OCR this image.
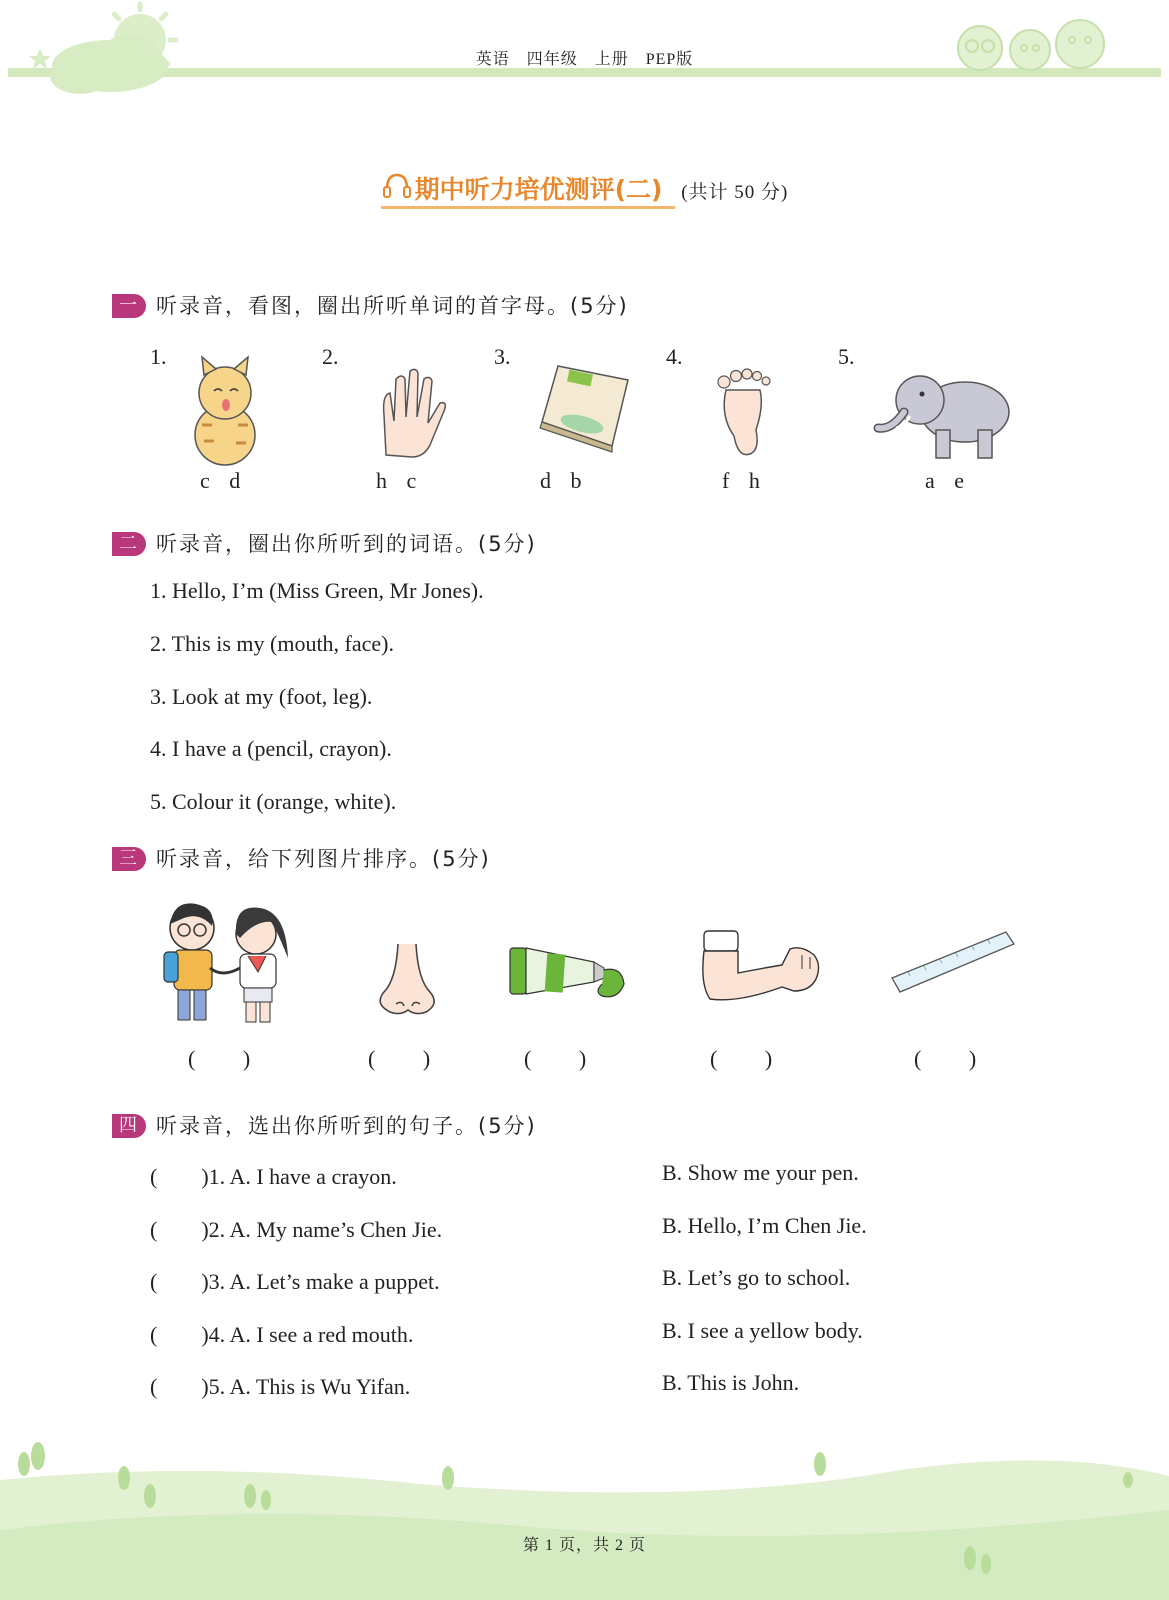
英语　四年级　上册　PEP版
期中听力培优测评(二) (共计 50 分)
一 听录音，看图，圈出所听单词的首字母。(5分)
1.	2.	3.	4.	5.
c d	h c	d b	f h	a e
二 听录音，圈出你所听到的词语。(5分)
1. Hello, I’m (Miss Green, Mr Jones).
2. This is my (mouth, face).
3. Look at my (foot, leg).
4. I have a (pencil, crayon).
5. Colour it (orange, white).
三 听录音，给下列图片排序。(5分)
( )	( )	( )	( )	( )
四 听录音，选出你所听到的句子。(5分)
(　　)1. A. I have a crayon.	B. Show me your pen.
(　　)2. A. My name’s Chen Jie.	B. Hello, I’m Chen Jie.
(　　)3. A. Let’s make a puppet.	B. Let’s go to school.
(　　)4. A. I see a red mouth.	B. I see a yellow body.
(　　)5. A. This is Wu Yifan.	B. This is John.
第 1 页，共 2 页
